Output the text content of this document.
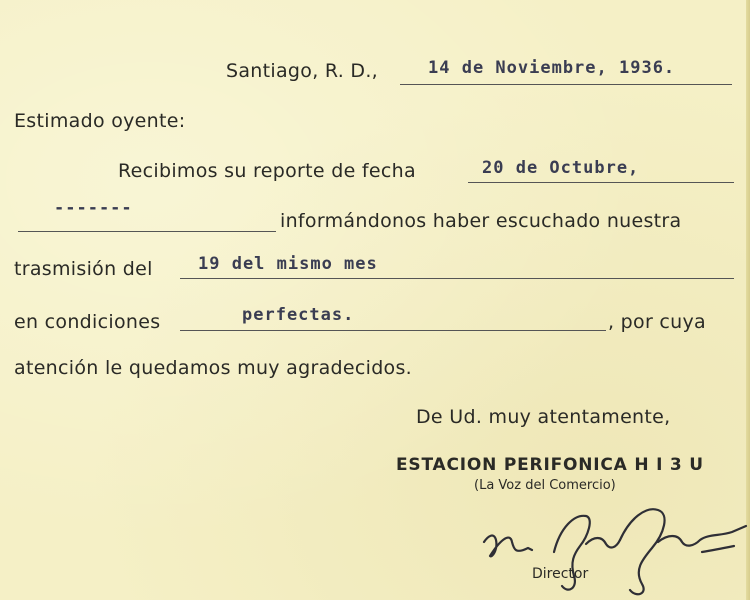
Santiago, R. D.,	14 de Noviembre, 1936.
Estimado oyente:
Recibimos su reporte de fecha	20 de Octubre,
-------
informándonos haber escuchado nuestra
trasmisión del	19 del mismo mes
en condiciones	perfectas.	, por cuya
atención le quedamos muy agradecidos.
De Ud. muy atentamente,
ESTACION PERIFONICA H I 3 U
(La Voz del Comercio)
Director
